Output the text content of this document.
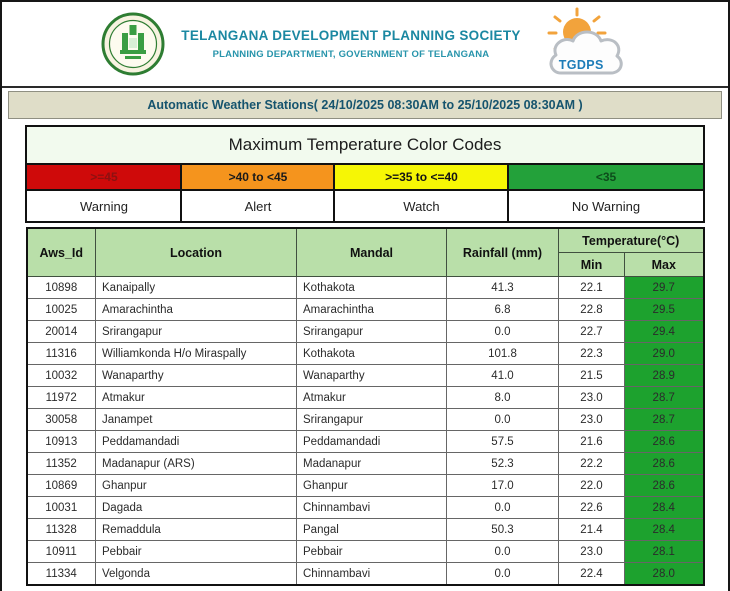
TELANGANA DEVELOPMENT PLANNING SOCIETY
PLANNING DEPARTMENT, GOVERNMENT OF TELANGANA
TGDPS
Automatic Weather Stations( 24/10/2025 08:30AM to 25/10/2025 08:30AM )
Maximum Temperature Color Codes			
>=45	>40 to <45	>=35 to <=40	<35
Warning	Alert	Watch	No Warning
Aws_Id	Location	Mandal	Rainfall (mm)	Temperature(°C)	
				Min	Max
10898	Kanaipally	Kothakota	41.3	22.1	29.7
10025	Amarachintha	Amarachintha	6.8	22.8	29.5
20014	Srirangapur	Srirangapur	0.0	22.7	29.4
11316	Williamkonda H/o Miraspally	Kothakota	101.8	22.3	29.0
10032	Wanaparthy	Wanaparthy	41.0	21.5	28.9
11972	Atmakur	Atmakur	8.0	23.0	28.7
30058	Janampet	Srirangapur	0.0	23.0	28.7
10913	Peddamandadi	Peddamandadi	57.5	21.6	28.6
11352	Madanapur (ARS)	Madanapur	52.3	22.2	28.6
10869	Ghanpur	Ghanpur	17.0	22.0	28.6
10031	Dagada	Chinnambavi	0.0	22.6	28.4
11328	Remaddula	Pangal	50.3	21.4	28.4
10911	Pebbair	Pebbair	0.0	23.0	28.1
11334	Velgonda	Chinnambavi	0.0	22.4	28.0
